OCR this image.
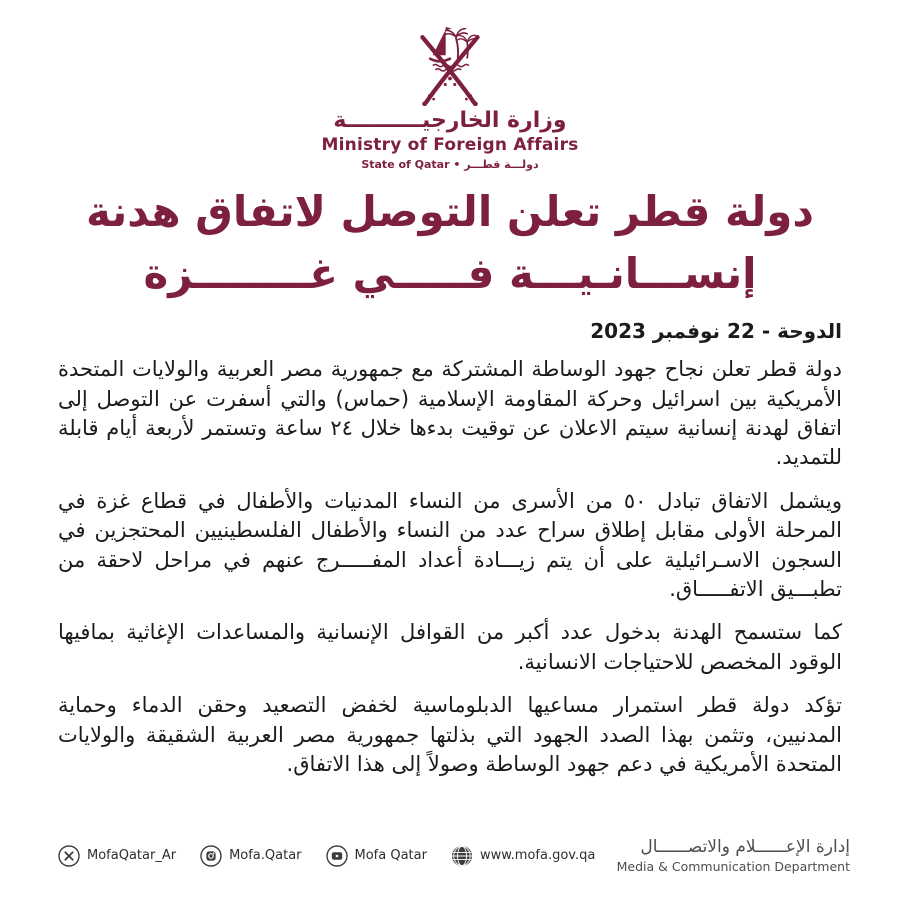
وزارة الخارجيــــــــــة
Ministry of Foreign Affairs
State of Qatar • دولـــة قطـــر
دولة قطر تعلن التوصل لاتفاق هدنة
إنســـانـيـــة فـــــي غــــــــزة
الدوحة - 22 نوفمبر 2023

دولة قطر تعلن نجاح جهود الوساطة المشتركة مع جمهورية مصر العربية والولايات المتحدة الأمريكية بين اسرائيل وحركة المقاومة الإسلامية (حماس) والتي أسفرت عن التوصل إلى اتفاق لهدنة إنسانية سيتم الاعلان عن توقيت بدءها خلال ٢٤ ساعة وتستمر لأربعة أيام قابلة للتمديد.

ويشمل الاتفاق تبادل ٥٠ من الأسرى من النساء المدنيات والأطفال في قطاع غزة في المرحلة الأولى مقابل إطلاق سراح عدد من النساء والأطفال الفلسطينيين المحتجزين في السجون الاسـرائيلية على أن يتم زيـــادة أعداد المفـــــرج عنهم في مراحل لاحقة من تطبـــيق الاتفـــــاق.

كما ستسمح الهدنة بدخول عدد أكبر من القوافل الإنسانية والمساعدات الإغاثية بمافيها الوقود المخصص للاحتياجات الانسانية.

تؤكد دولة قطر استمرار مساعيها الدبلوماسية لخفض التصعيد وحقن الدماء وحماية المدنيين، وتثمن بهذا الصدد الجهود التي بذلتها جمهورية مصر العربية الشقيقة والولايات المتحدة الأمريكية في دعم جهود الوساطة وصولاً إلى هذا الاتفاق.

MofaQatar_Ar	Mofa.Qatar	Mofa Qatar	www.mofa.gov.qa	إدارة الإعــــــلام والاتصــــــال
Media & Communication Department
